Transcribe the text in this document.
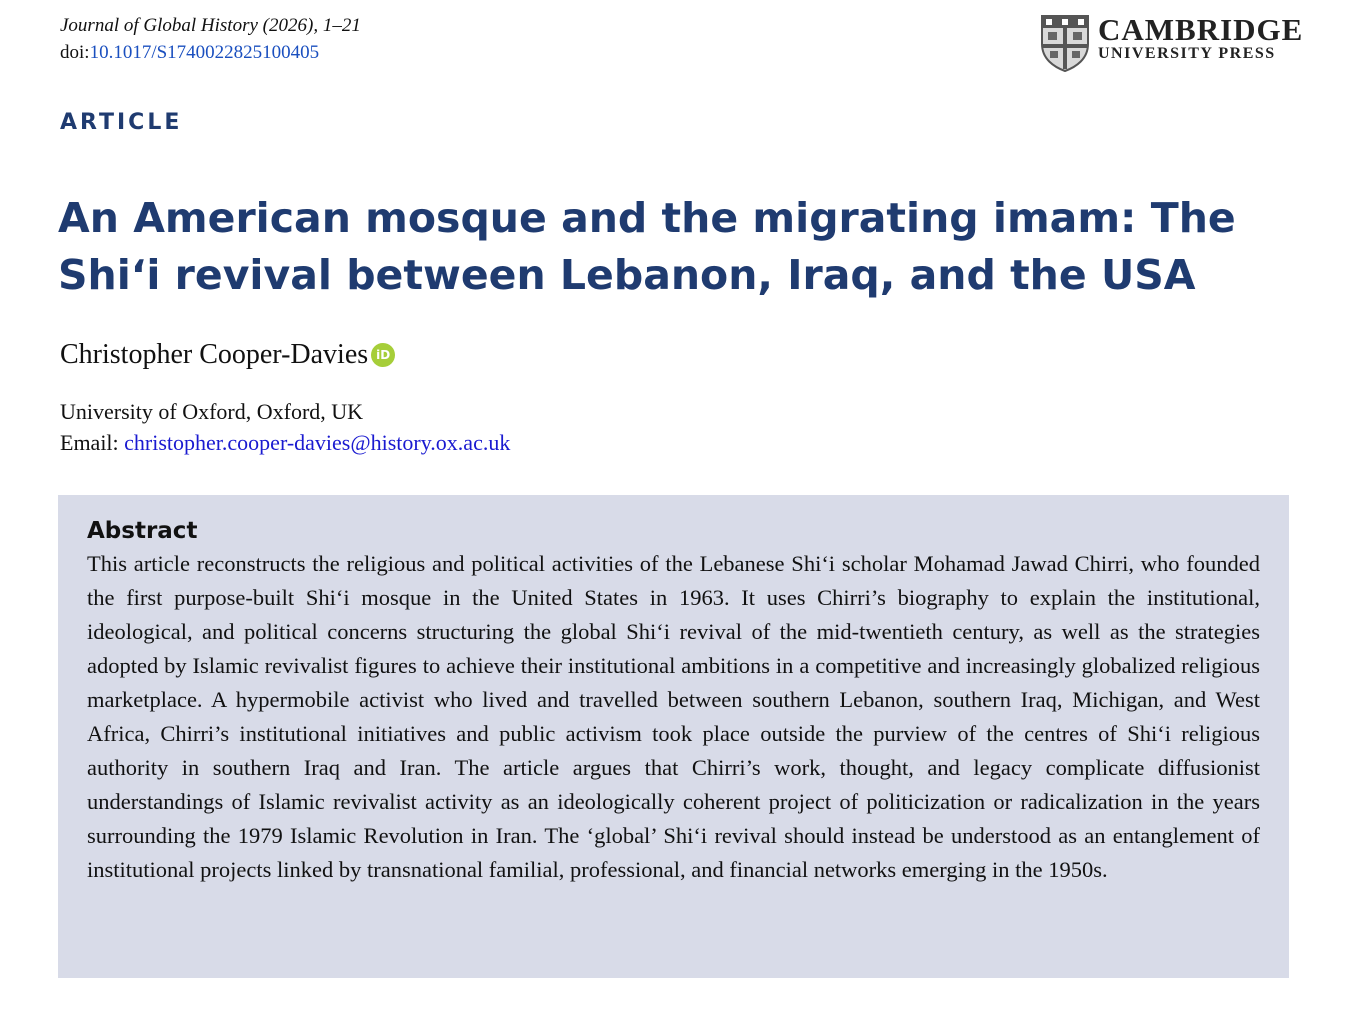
Journal of Global History (2026), 1–21
doi:10.1017/S1740022825100405
CAMBRIDGE
UNIVERSITY PRESS
ARTICLE
An American mosque and the migrating imam: The Shi‘i revival between Lebanon, Iraq, and the USA
Christopher Cooper-Davies iD
University of Oxford, Oxford, UK
Email: christopher.cooper-davies@history.ox.ac.uk
Abstract

This article reconstructs the religious and political activities of the Lebanese Shi‘i scholar Mohamad Jawad Chirri, who founded the first purpose-built Shi‘i mosque in the United States in 1963. It uses Chirri’s biography to explain the institutional, ideological, and political concerns structuring the global Shi‘i revival of the mid-twentieth century, as well as the strategies adopted by Islamic revivalist figures to achieve their institutional ambitions in a competitive and increasingly globalized religious marketplace. A hypermobile activist who lived and travelled between southern Lebanon, southern Iraq, Michigan, and West Africa, Chirri’s institutional initiatives and public activism took place outside the purview of the centres of Shi‘i religious authority in southern Iraq and Iran. The article argues that Chirri’s work, thought, and legacy complicate diffusionist understandings of Islamic revivalist activity as an ideologically coherent project of politicization or radicalization in the years surrounding the 1979 Islamic Revolution in Iran. The ‘global’ Shi‘i revival should instead be understood as an entanglement of institutional projects linked by transnational familial, professional, and financial networks emerging in the 1950s.
